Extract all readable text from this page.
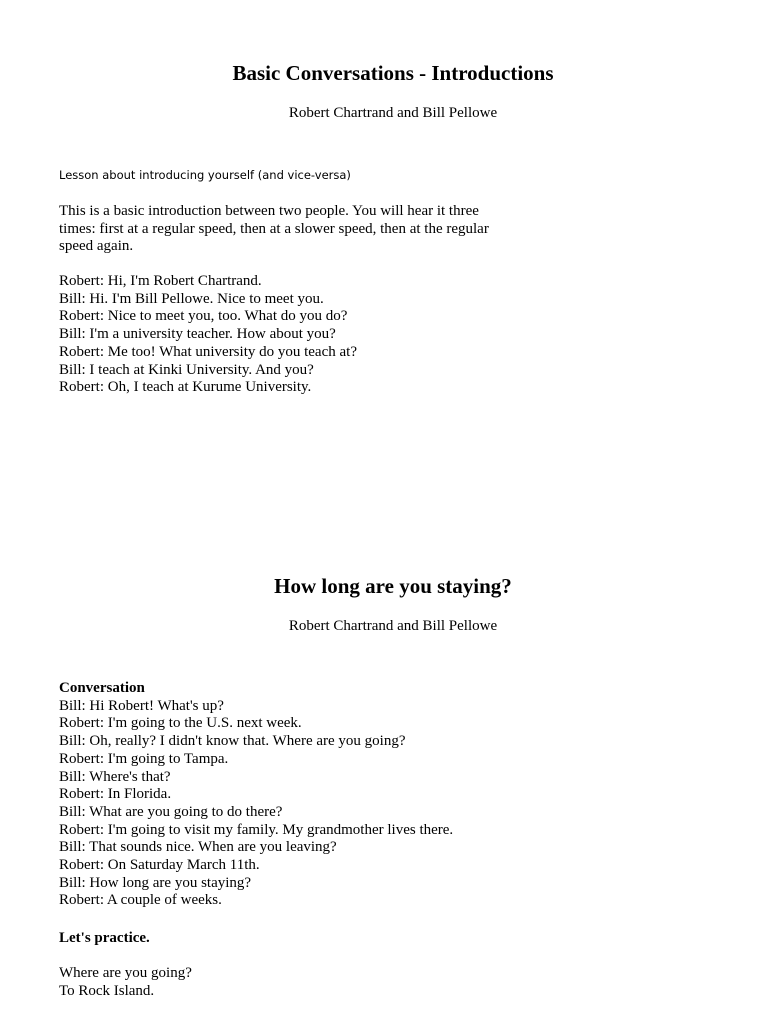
Basic Conversations - Introductions
Robert Chartrand and Bill Pellowe
Lesson about introducing yourself (and vice-versa)
This is a basic introduction between two people. You will hear it three times: first at a regular speed, then at a slower speed, then at the regular speed again.
Robert: Hi, I'm Robert Chartrand.
Bill: Hi. I'm Bill Pellowe. Nice to meet you.
Robert: Nice to meet you, too. What do you do?
Bill: I'm a university teacher. How about you?
Robert: Me too! What university do you teach at?
Bill: I teach at Kinki University. And you?
Robert: Oh, I teach at Kurume University.
How long are you staying?
Robert Chartrand and Bill Pellowe
Conversation
Bill: Hi Robert! What's up?
Robert: I'm going to the U.S. next week.
Bill: Oh, really? I didn't know that. Where are you going?
Robert: I'm going to Tampa.
Bill: Where's that?
Robert: In Florida.
Bill: What are you going to do there?
Robert: I'm going to visit my family. My grandmother lives there.
Bill: That sounds nice. When are you leaving?
Robert: On Saturday March 11th.
Bill: How long are you staying?
Robert: A couple of weeks.
Let's practice.
Where are you going?
To Rock Island.
